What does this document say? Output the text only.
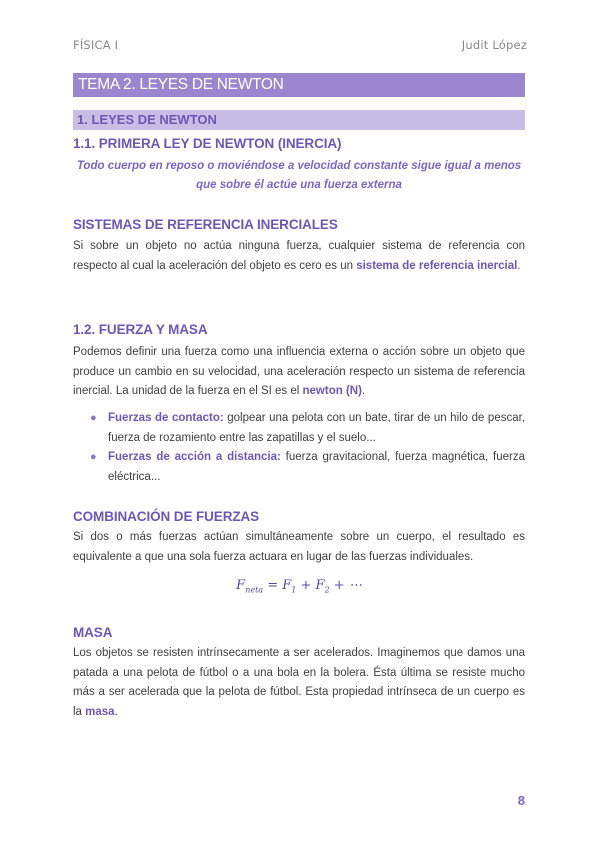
FÍSICA I	Judit López
TEMA 2. LEYES DE NEWTON
1. LEYES DE NEWTON
1.1. PRIMERA LEY DE NEWTON (INERCIA)
Todo cuerpo en reposo o moviéndose a velocidad constante sigue igual a menos
que sobre él actúe una fuerza externa
SISTEMAS DE REFERENCIA INERCIALES
Si sobre un objeto no actúa ninguna fuerza, cualquier sistema de referencia con respecto al cual la aceleración del objeto es cero es un sistema de referencia inercial.
1.2. FUERZA Y MASA
Podemos definir una fuerza como una influencia externa o acción sobre un objeto que produce un cambio en su velocidad, una aceleración respecto un sistema de referencia inercial. La unidad de la fuerza en el SI es el newton (N).
● Fuerzas de contacto: golpear una pelota con un bate, tirar de un hilo de pescar, fuerza de rozamiento entre las zapatillas y el suelo...
● Fuerzas de acción a distancia: fuerza gravitacional, fuerza magnética, fuerza eléctrica...
COMBINACIÓN DE FUERZAS
Si dos o más fuerzas actúan simultáneamente sobre un cuerpo, el resultado es equivalente a que una sola fuerza actuara en lugar de las fuerzas individuales.
$F_{neta} = F_1 + F_2$ + ⋯
MASA
Los objetos se resisten intrínsecamente a ser acelerados. Imaginemos que damos una patada a una pelota de fútbol o a una bola en la bolera. Ésta última se resiste mucho más a ser acelerada que la pelota de fútbol. Esta propiedad intrínseca de un cuerpo es la masa.
8
